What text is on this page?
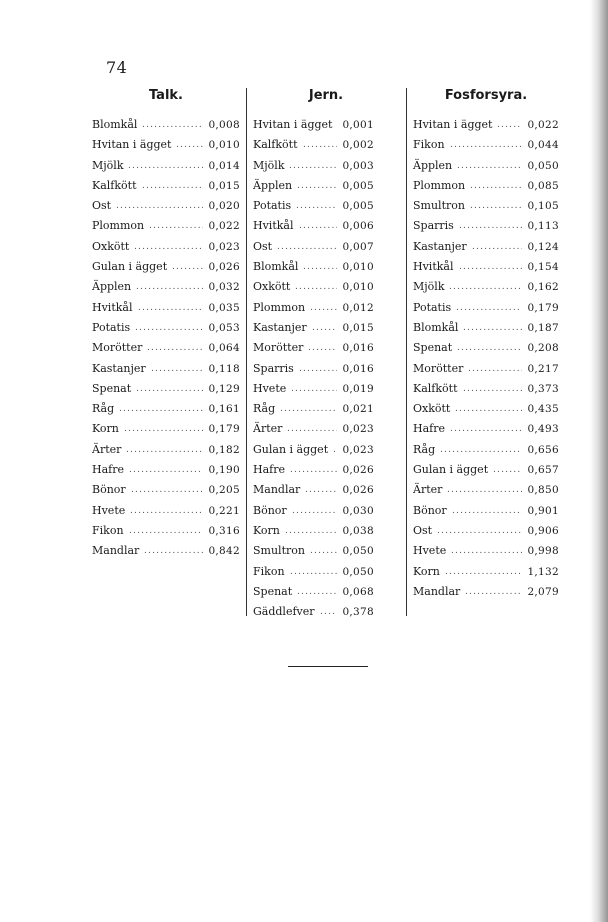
74
Talk.	Jern.	Fosforsyra.
Blomkål .....	0,008
Hvitan i ägget .....	0,010
Mjölk .....	0,014
Kalfkött .....	0,015
Ost .....	0,020
Plommon .....	0,022
Oxkött .....	0,023
Gulan i ägget .....	0,026
Äpplen .....	0,032
Hvitkål .....	0,035
Potatis .....	0,053
Morötter .....	0,064
Kastanjer .....	0,118
Spenat .....	0,129
Råg .....	0,161
Korn .....	0,179
Ärter .....	0,182
Hafre .....	0,190
Bönor .....	0,205
Hvete .....	0,221
Fikon .....	0,316
Mandlar .....	0,842
Hvitan i ägget 0,001
Kalfkött .....	0,002
Mjölk .....	0,003
Äpplen .....	0,005
Potatis .....	0,005
Hvitkål .....	0,006
Ost .....	0,007
Blomkål .....	0,010
Oxkött .....	0,010
Plommon .....	0,012
Kastanjer .....	0,015
Morötter .....	0,016
Sparris .....	0,016
Hvete .....	0,019
Råg .....	0,021
Ärter .....	0,023
Gulan i ägget ..... 0,023
Hafre .....	0,026
Mandlar .....	0,026
Bönor .....	0,030
Korn .....	0,038
Smultron .....	0,050
Fikon .....	0,050
Spenat .....	0,068
Gäddlefver .....	0,378
Hvitan i ägget .....	0,022
Fikon .....	0,044
Äpplen .....	0,050
Plommon .....	0,085
Smultron .....	0,105
Sparris .....	0,113
Kastanjer .....	0,124
Hvitkål .....	0,154
Mjölk .....	0,162
Potatis .....	0,179
Blomkål .....	0,187
Spenat .....	0,208
Morötter .....	0,217
Kalfkött .....	0,373
Oxkött .....	0,435
Hafre .....	0,493
Råg .....	0,656
Gulan i ägget .....	0,657
Ärter .....	0,850
Bönor .....	0,901
Ost .....	0,906
Hvete .....	0,998
Korn .....	1,132
Mandlar .....	2,079
